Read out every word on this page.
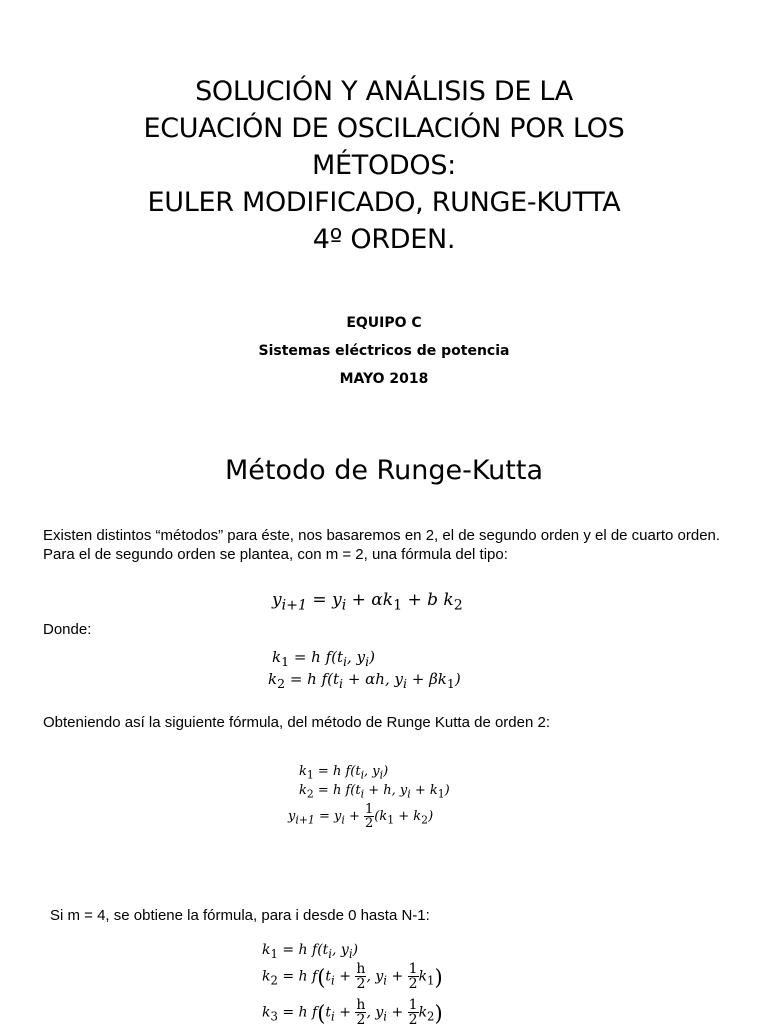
SOLUCIÓN Y ANÁLISIS DE LA
ECUACIÓN DE OSCILACIÓN POR LOS
MÉTODOS:
EULER MODIFICADO, RUNGE-KUTTA
4º ORDEN.
EQUIPO C
Sistemas eléctricos de potencia
MAYO 2018
Método de Runge-Kutta

Existen distintos “métodos” para éste, nos basaremos en 2, el de segundo orden y el de cuarto orden. Para el de segundo orden se plantea, con m = 2, una fórmula del tipo:

$y_{i+1} = y_i + \alpha k_1 + b$ $k_2$

Donde:

$k_1 = h$ $f(t_i$, $y_i$)
$k_2 = h$ $f(t_i + \alpha h$, $y_i + \beta k_1$)

Obteniendo así la siguiente fórmula, del método de Runge Kutta de orden 2:

$k_1 = h$ $f(t_i$, $y_i$)
$k_2 = h$ $f(t_i + h$, $y_i + k_1$)
$y_{i+1} = y_i + \frac{1}{2} (k_1 + k_2)$

Si m = 4, se obtiene la fórmula, para i desde 0 hasta N-1:

$k_1 = h$ $f(t_i$, $y_i$)
$k_2 = h$ $f(t_i + \frac{h}{2}$ , $y_i + \frac{1}{2} k_1$)
$k_3 = h$ $f(t_i + \frac{h}{2}$ , $y_i + \frac{1}{2} k_2$)
